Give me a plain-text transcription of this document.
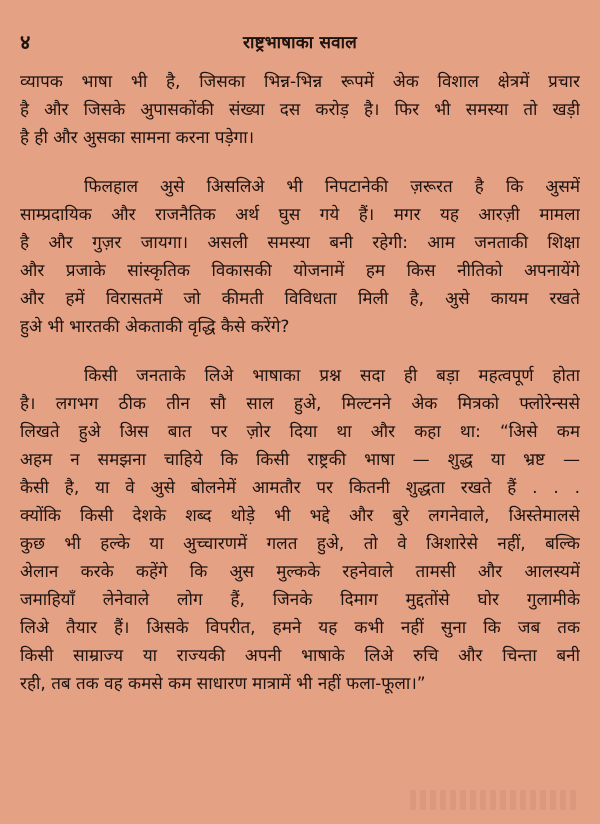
४	राष्ट्रभाषाका सवाल
व्यापक भाषा भी है, जिसका भिन्न-भिन्न रूपमें अेक विशाल क्षेत्रमें प्रचार
है और जिसके अुपासकोंकी संख्या दस करोड़ है। फिर भी समस्या तो खड़ी
है ही और अुसका सामना करना पड़ेगा।
फिलहाल अुसे अिसलिअे भी निपटानेकी ज़रूरत है कि अुसमें
साम्प्रदायिक और राजनैतिक अर्थ घुस गये हैं। मगर यह आरज़ी मामला
है और गुज़र जायगा। असली समस्या बनी रहेगी: आम जनताकी शिक्षा
और प्रजाके सांस्कृतिक विकासकी योजनामें हम किस नीतिको अपनायेंगे
और हमें विरासतमें जो कीमती विविधता मिली है, अुसे कायम रखते
हुअे भी भारतकी अेकताकी वृद्धि कैसे करेंगे?
किसी जनताके लिअे भाषाका प्रश्न सदा ही बड़ा महत्वपूर्ण होता
है। लगभग ठीक तीन सौ साल हुअे, मिल्टनने अेक मित्रको फ्लोरेन्ससे
लिखते हुअे अिस बात पर ज़ोर दिया था और कहा था: “अिसे कम
अहम न समझना चाहिये कि किसी राष्ट्रकी भाषा — शुद्ध या भ्रष्ट —
कैसी है, या वे अुसे बोलनेमें आमतौर पर कितनी शुद्धता रखते हैं . . .
क्योंकि किसी देशके शब्द थोड़े भी भद्दे और बुरे लगनेवाले, अिस्तेमालसे
कुछ भी हल्के या अुच्चारणमें गलत हुअे, तो वे अिशारेसे नहीं, बल्कि
अेलान करके कहेंगे कि अुस मुल्कके रहनेवाले तामसी और आलस्यमें
जमाहियाँ लेनेवाले लोग हैं, जिनके दिमाग मुद्दतोंसे घोर गुलामीके
लिअे तैयार हैं। अिसके विपरीत, हमने यह कभी नहीं सुना कि जब तक
किसी साम्राज्य या राज्यकी अपनी भाषाके लिअे रुचि और चिन्ता बनी
रही, तब तक वह कमसे कम साधारण मात्रामें भी नहीं फला-फूला।”
